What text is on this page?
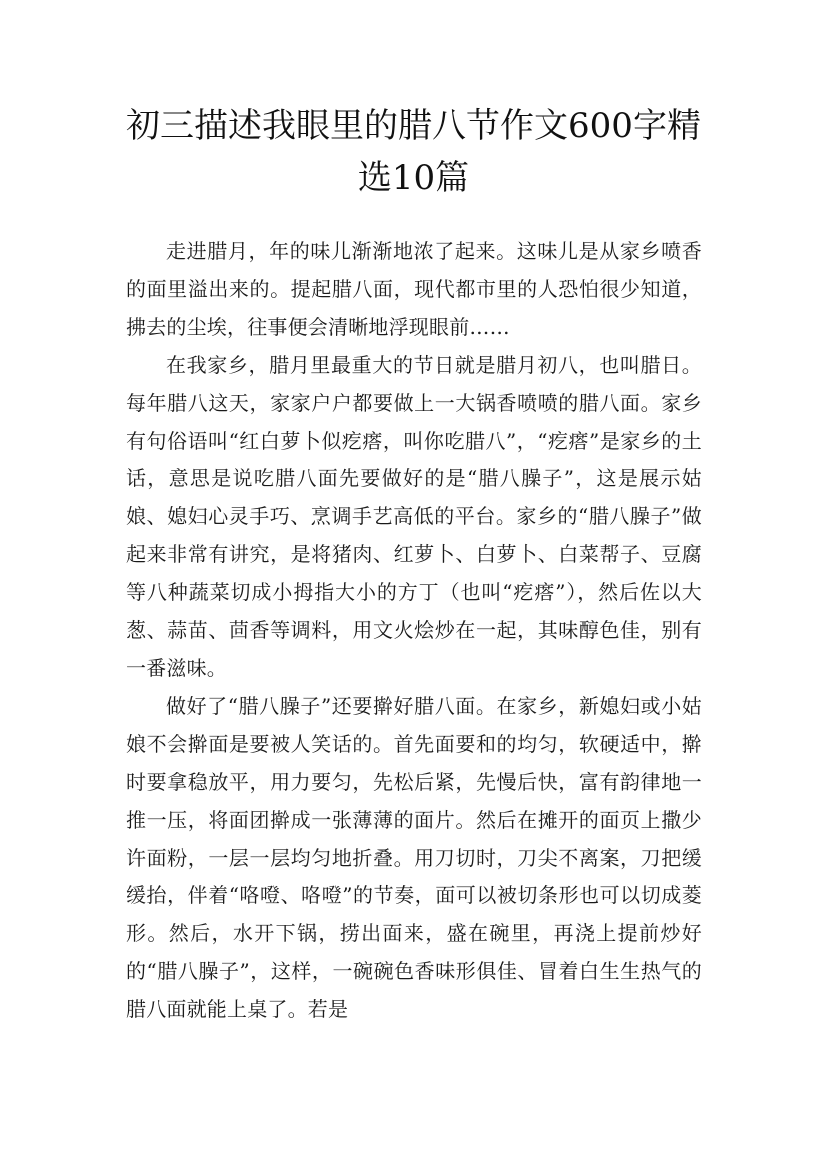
初三描述我眼里的腊八节作文600字精选10篇

走进腊月，年的味儿渐渐地浓了起来。这味儿是从家乡喷香的面里溢出来的。提起腊八面，现代都市里的人恐怕很少知道，拂去的尘埃，往事便会清晰地浮现眼前……

在我家乡，腊月里最重大的节日就是腊月初八，也叫腊日。每年腊八这天，家家户户都要做上一大锅香喷喷的腊八面。家乡有句俗语叫“红白萝卜似疙瘩，叫你吃腊八”，“疙瘩”是家乡的土话，意思是说吃腊八面先要做好的是“腊八臊子”，这是展示姑娘、媳妇心灵手巧、烹调手艺高低的平台。家乡的“腊八臊子”做起来非常有讲究，是将猪肉、红萝卜、白萝卜、白菜帮子、豆腐等八种蔬菜切成小拇指大小的方丁（也叫“疙瘩”），然后佐以大葱、蒜苗、茴香等调料，用文火烩炒在一起，其味醇色佳，别有一番滋味。

做好了“腊八臊子”还要擀好腊八面。在家乡，新媳妇或小姑娘不会擀面是要被人笑话的。首先面要和的均匀，软硬适中，擀时要拿稳放平，用力要匀，先松后紧，先慢后快，富有韵律地一推一压，将面团擀成一张薄薄的面片。然后在摊开的面页上撒少许面粉，一层一层均匀地折叠。用刀切时，刀尖不离案，刀把缓缓抬，伴着“咯噔、咯噔”的节奏，面可以被切条形也可以切成菱形。然后，水开下锅，捞出面来，盛在碗里，再浇上提前炒好的“腊八臊子”，这样，一碗碗色香味形俱佳、冒着白生生热气的腊八面就能上桌了。若是
